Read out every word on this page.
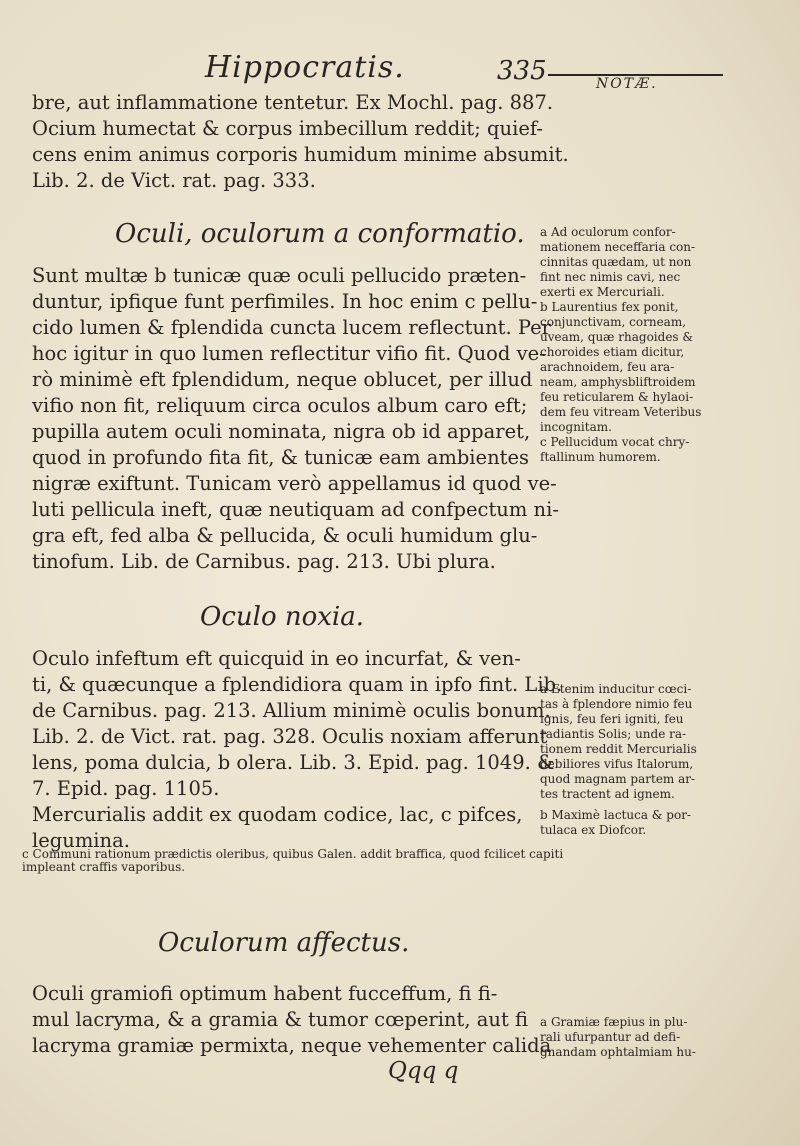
Hippocratis.	335	NOTÆ.
bre, aut inflammatione tentetur. Ex Mochl. pag. 887.
Ocium humectat & corpus imbecillum reddit; quief-
cens enim animus corporis humidum minime absumit.
Lib. 2. de Vict. rat. pag. 333.
Sunt multæ b tunicæ quæ oculi pellucido præten-
duntur, ipfique funt perfimiles. In hoc enim c pellu-
cido lumen & fplendida cuncta lucem reflectunt. Per
hoc igitur in quo lumen reflectitur vifio fit. Quod ve-
rò minimè eft fplendidum, neque oblucet, per illud
vifio non fit, reliquum circa oculos album caro eft;
pupilla autem oculi nominata, nigra ob id apparet,
quod in profundo fita fit, & tunicæ eam ambientes
nigræ exiftunt. Tunicam verò appellamus id quod ve-
luti pellicula ineft, quæ neutiquam ad confpectum ni-
gra eft, fed alba & pellucida, & oculi humidum glu-
tinofum. Lib. de Carnibus. pag. 213. Ubi plura.
Oculo infeftum eft quicquid in eo incurfat, & ven-
ti, & quæcunque a fplendidiora quam in ipfo fint. Lib.
de Carnibus. pag. 213. Allium minimè oculis bonum.
Lib. 2. de Vict. rat. pag. 328. Oculis noxiam afferunt
lens, poma dulcia, b olera. Lib. 3. Epid. pag. 1049. &
7. Epid. pag. 1105.
Mercurialis addit ex quodam codice, lac, c pifces,
legumina.
Oculi gramiofi optimum habent fucceffum, fi fi-
mul lacryma, & a gramia & tumor cœperint, aut fi
lacryma gramiæ permixta, neque vehementer calida
Oculi, oculorum a conformatio.
Oculo noxia.
Oculorum affectus.
a Ad oculorum confor-
mationem neceffaria con-
cinnitas quædam, ut non
fint nec nimis cavi, nec
exerti ex Mercuriali.
b Laurentius fex ponit,
conjunctivam, corneam,
uveam, quæ rhagoides &
choroides etiam dicitur,
arachnoidem, feu ara-
neam, amphysbliftroidem
feu reticularem & hylaoi-
dem feu vitream Veteribus
incognitam.
c Pellucidum vocat chry-
ftallinum humorem.
a Etenim inducitur cœci-
tas à fplendore nimio feu
ignis, feu feri igniti, feu
radiantis Solis; unde ra-
tionem reddit Mercurialis
debiliores vifus Italorum,
quod magnam partem ar-
tes tractent ad ignem.
b Maximè lactuca & por-
tulaca ex Diofcor.
a Gramiæ fæpius in plu-
rali ufurpantur ad defi-
gnandam ophtalmiam hu-
c Communi rationum prædictis oleribus, quibus Galen. addit braffica, quod fcilicet capiti
impleant craffis vaporibus.
Qqq q
